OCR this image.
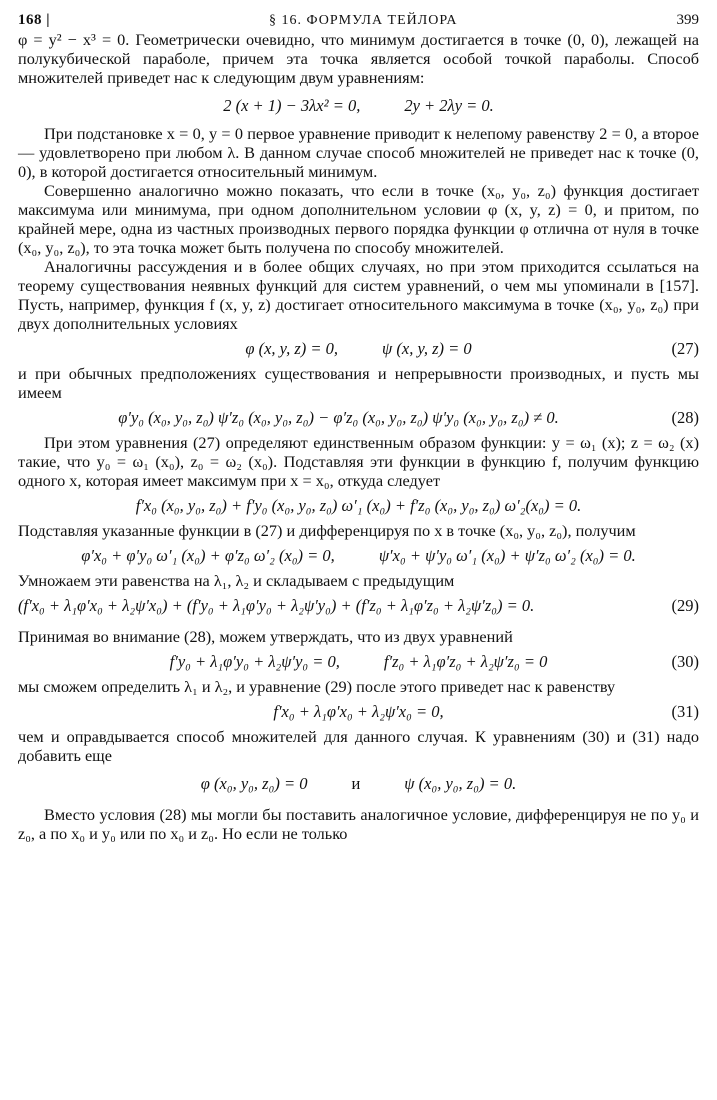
168 |	§ 16. ФОРМУЛА ТЕЙЛОРА	399

φ = y² − x³ = 0. Геометрически очевидно, что минимум достигается в точке (0, 0), лежащей на полукубической параболе, причем эта точка является особой точкой параболы. Способ множителей приведет нас к следующим двум уравнениям:

2 (x + 1) − 3λx² = 0,	2y + 2λy = 0.

При подстановке x = 0, y = 0 первое уравнение приводит к нелепому равенству 2 = 0, а второе — удовлетворено при любом λ. В данном случае способ множителей не приведет нас к точке (0, 0), в которой достигается относительный минимум.

Совершенно аналогично можно показать, что если в точке (x₀, y₀, z₀) функция достигает максимума или минимума, при одном дополнительном условии φ (x, y, z) = 0, и притом, по крайней мере, одна из частных производных первого порядка функции φ отлична от нуля в точке (x₀, y₀, z₀), то эта точка может быть получена по способу множителей.

Аналогичны рассуждения и в более общих случаях, но при этом приходится ссылаться на теорему существования неявных функций для систем уравнений, о чем мы упоминали в [157]. Пусть, например, функция f (x, y, z) достигает относительного максимума в точке (x₀, y₀, z₀) при двух дополнительных условиях

φ (x, y, z) = 0,	ψ (x, y, z) = 0	(27)

и при обычных предположениях существования и непрерывности производных, и пусть мы имеем

φ′y₀ (x₀, y₀, z₀) ψ′z₀ (x₀, y₀, z₀) − φ′z₀ (x₀, y₀, z₀) ψ′y₀ (x₀, y₀, z₀) ≠ 0.	(28)

При этом уравнения (27) определяют единственным образом функции: y = ω₁ (x); z = ω₂ (x) такие, что y₀ = ω₁ (x₀), z₀ = ω₂ (x₀). Подставляя эти функции в функцию f, получим функцию одного x, которая имеет максимум при x = x₀, откуда следует

f′x₀ (x₀, y₀, z₀) + f′y₀ (x₀, y₀, z₀) ω′₁ (x₀) + f′z₀ (x₀, y₀, z₀) ω′₂(x₀) = 0.

Подставляя указанные функции в (27) и дифференцируя по x в точке (x₀, y₀, z₀), получим

φ′x₀ + φ′y₀ ω′₁ (x₀) + φ′z₀ ω′₂ (x₀) = 0,	ψ′x₀ + ψ′y₀ ω′₁ (x₀) + ψ′z₀ ω′₂ (x₀) = 0.

Умножаем эти равенства на λ₁, λ₂ и складываем с предыдущим

(f′x₀ + λ₁φ′x₀ + λ₂ψ′x₀) + (f′y₀ + λ₁φ′y₀ + λ₂ψ′y₀) + (f′z₀ + λ₁φ′z₀ + λ₂ψ′z₀) = 0.	(29)

Принимая во внимание (28), можем утверждать, что из двух уравнений

f′y₀ + λ₁φ′y₀ + λ₂ψ′y₀ = 0,	f′z₀ + λ₁φ′z₀ + λ₂ψ′z₀ = 0	(30)

мы сможем определить λ₁ и λ₂, и уравнение (29) после этого приведет нас к равенству

f′x₀ + λ₁φ′x₀ + λ₂ψ′x₀ = 0,	(31)

чем и оправдывается способ множителей для данного случая. К уравнениям (30) и (31) надо добавить еще

φ (x₀, y₀, z₀) = 0	и	ψ (x₀, y₀, z₀) = 0.

Вместо условия (28) мы могли бы поставить аналогичное условие, дифференцируя не по y₀ и z₀, а по x₀ и y₀ или по x₀ и z₀. Но если не только
